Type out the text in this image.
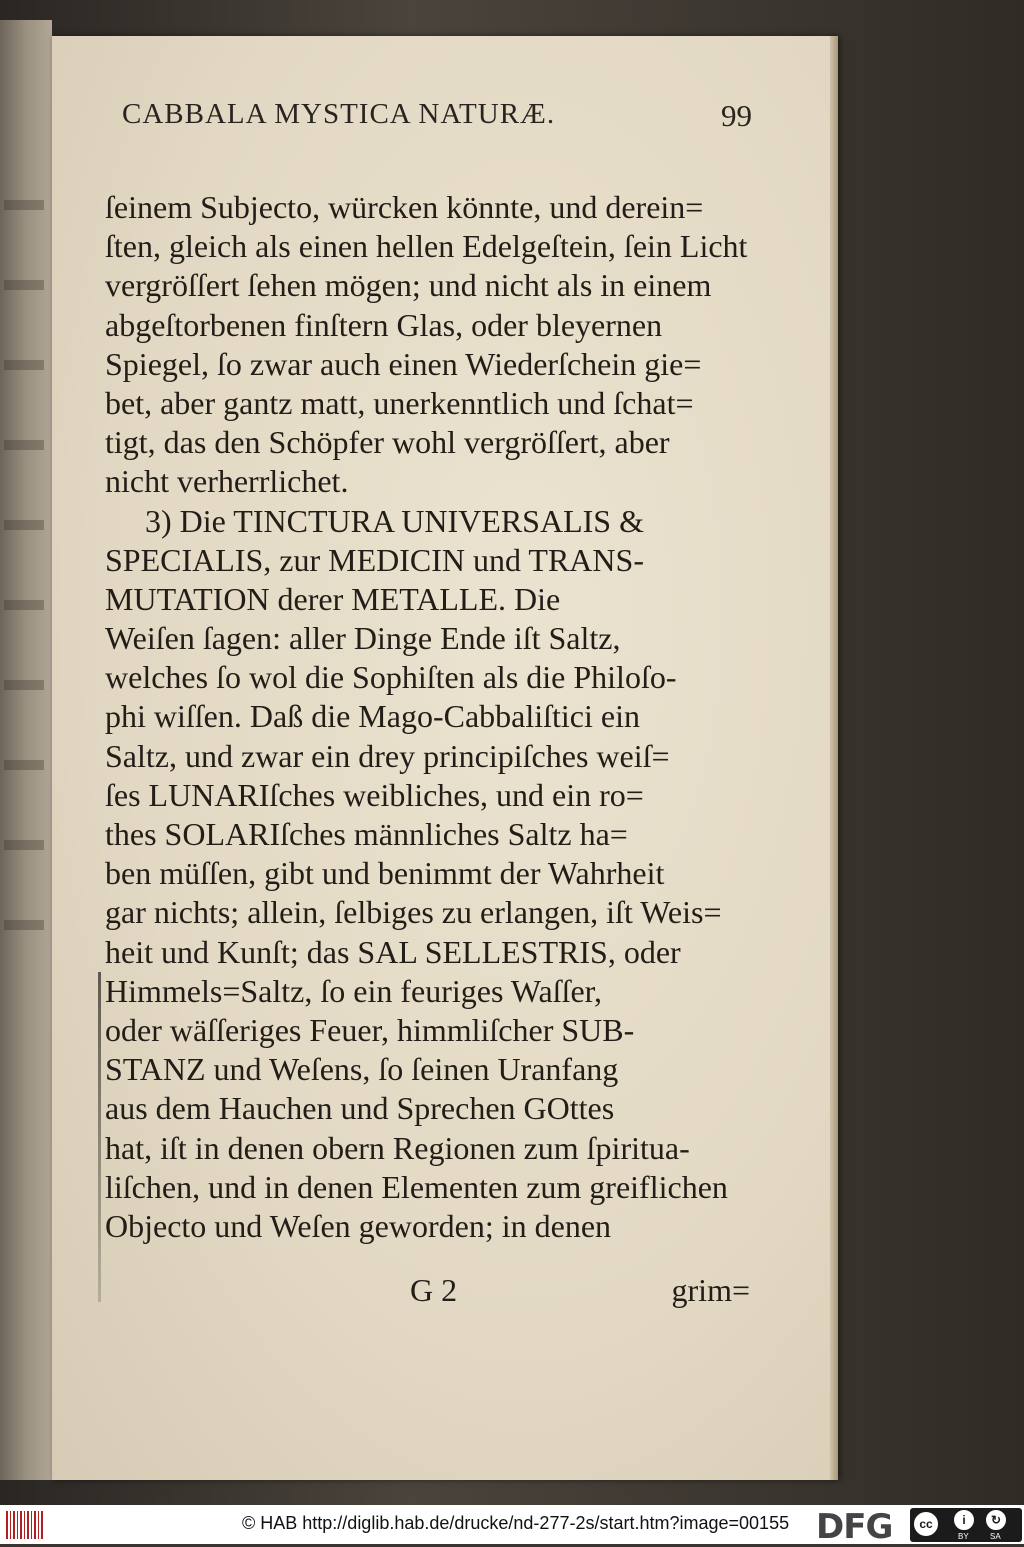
CABBALA MYSTICA NATURÆ.	99
ſeinem Subjecto, würcken könnte, und derein=
ſten, gleich als einen hellen Edelgeſtein, ſein Licht
vergröſſert ſehen mögen; und nicht als in einem
abgeſtorbenen finſtern Glas, oder bleyernen
Spiegel, ſo zwar auch einen Wiederſchein gie=
bet, aber gantz matt, unerkenntlich und ſchat=
tigt, das den Schöpfer wohl vergröſſert, aber
nicht verherrlichet.
3) Die TINCTURA UNIVERSALIS &
SPECIALIS, zur MEDICIN und TRANS-
MUTATION derer METALLE. Die
Weiſen ſagen: aller Dinge Ende iſt Saltz,
welches ſo wol die Sophiſten als die Philoſo-
phi wiſſen. Daß die Mago-Cabbaliſtici ein
Saltz, und zwar ein drey principiſches weiſ=
ſes LUNARIſches weibliches, und ein ro=
thes SOLARIſches männliches Saltz ha=
ben müſſen, gibt und benimmt der Wahrheit
gar nichts; allein, ſelbiges zu erlangen, iſt Weis=
heit und Kunſt; das SAL SELLESTRIS, oder
Himmels=Saltz, ſo ein feuriges Waſſer,
oder wäſſeriges Feuer, himmliſcher SUB-
STANZ und Weſens, ſo ſeinen Uranfang
aus dem Hauchen und Sprechen GOttes
hat, iſt in denen obern Regionen zum ſpiritua-
liſchen, und in denen Elementen zum greiflichen
Objecto und Weſen geworden; in denen
G 2	grim=
© HAB http://diglib.hab.de/drucke/nd-277-2s/start.htm?image=00155 DFG	cc	i	↻
BY	SA
